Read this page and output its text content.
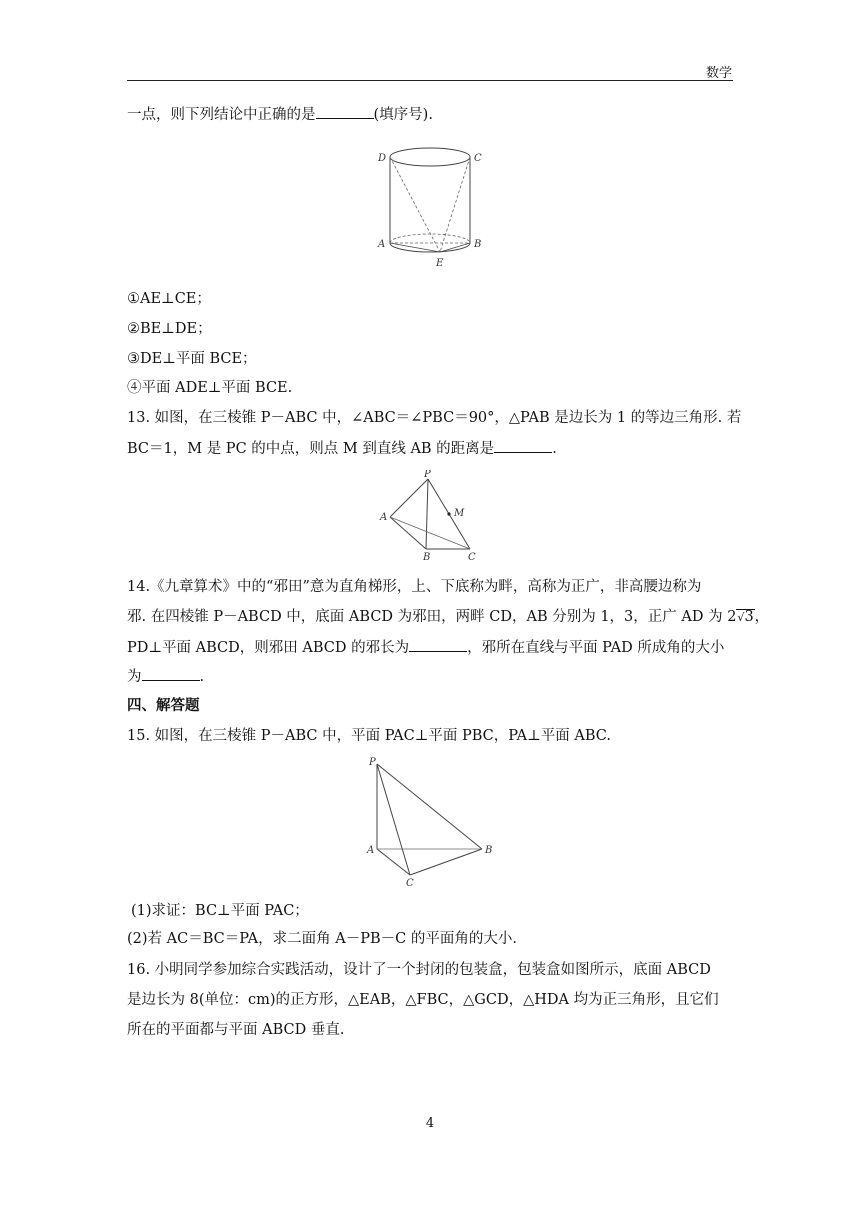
数学
一点，则下列结论中正确的是	(填序号).
D	C
A	B
E
①AE⊥CE；
②BE⊥DE；
③DE⊥平面 BCE；
④平面 ADE⊥平面 BCE.
13. 如图，在三棱锥 P－ABC 中，∠ABC＝∠PBC＝90°，△PAB 是边长为 1 的等边三角形. 若
BC＝1，M 是 PC 的中点，则点 M 到直线 AB 的距离是	.
P
A	M
B	C
14.《九章算术》中的“邪田”意为直角梯形，上、下底称为畔，高称为正广，非高腰边称为
邪. 在四棱锥 P－ABCD 中，底面 ABCD 为邪田，两畔 CD，AB 分别为 1，3，正广 AD 为 2√3，
PD⊥平面 ABCD，则邪田 ABCD 的邪长为	，邪所在直线与平面 PAD 所成角的大小
为	.
四、解答题
15. 如图，在三棱锥 P－ABC 中，平面 PAC⊥平面 PBC，PA⊥平面 ABC.
P
A	B
C
(1)求证：BC⊥平面 PAC；
(2)若 AC＝BC＝PA，求二面角 A－PB－C 的平面角的大小.
16. 小明同学参加综合实践活动，设计了一个封闭的包装盒，包装盒如图所示，底面 ABCD
是边长为 8(单位：cm)的正方形，△EAB，△FBC，△GCD，△HDA 均为正三角形，且它们
所在的平面都与平面 ABCD 垂直.
4
